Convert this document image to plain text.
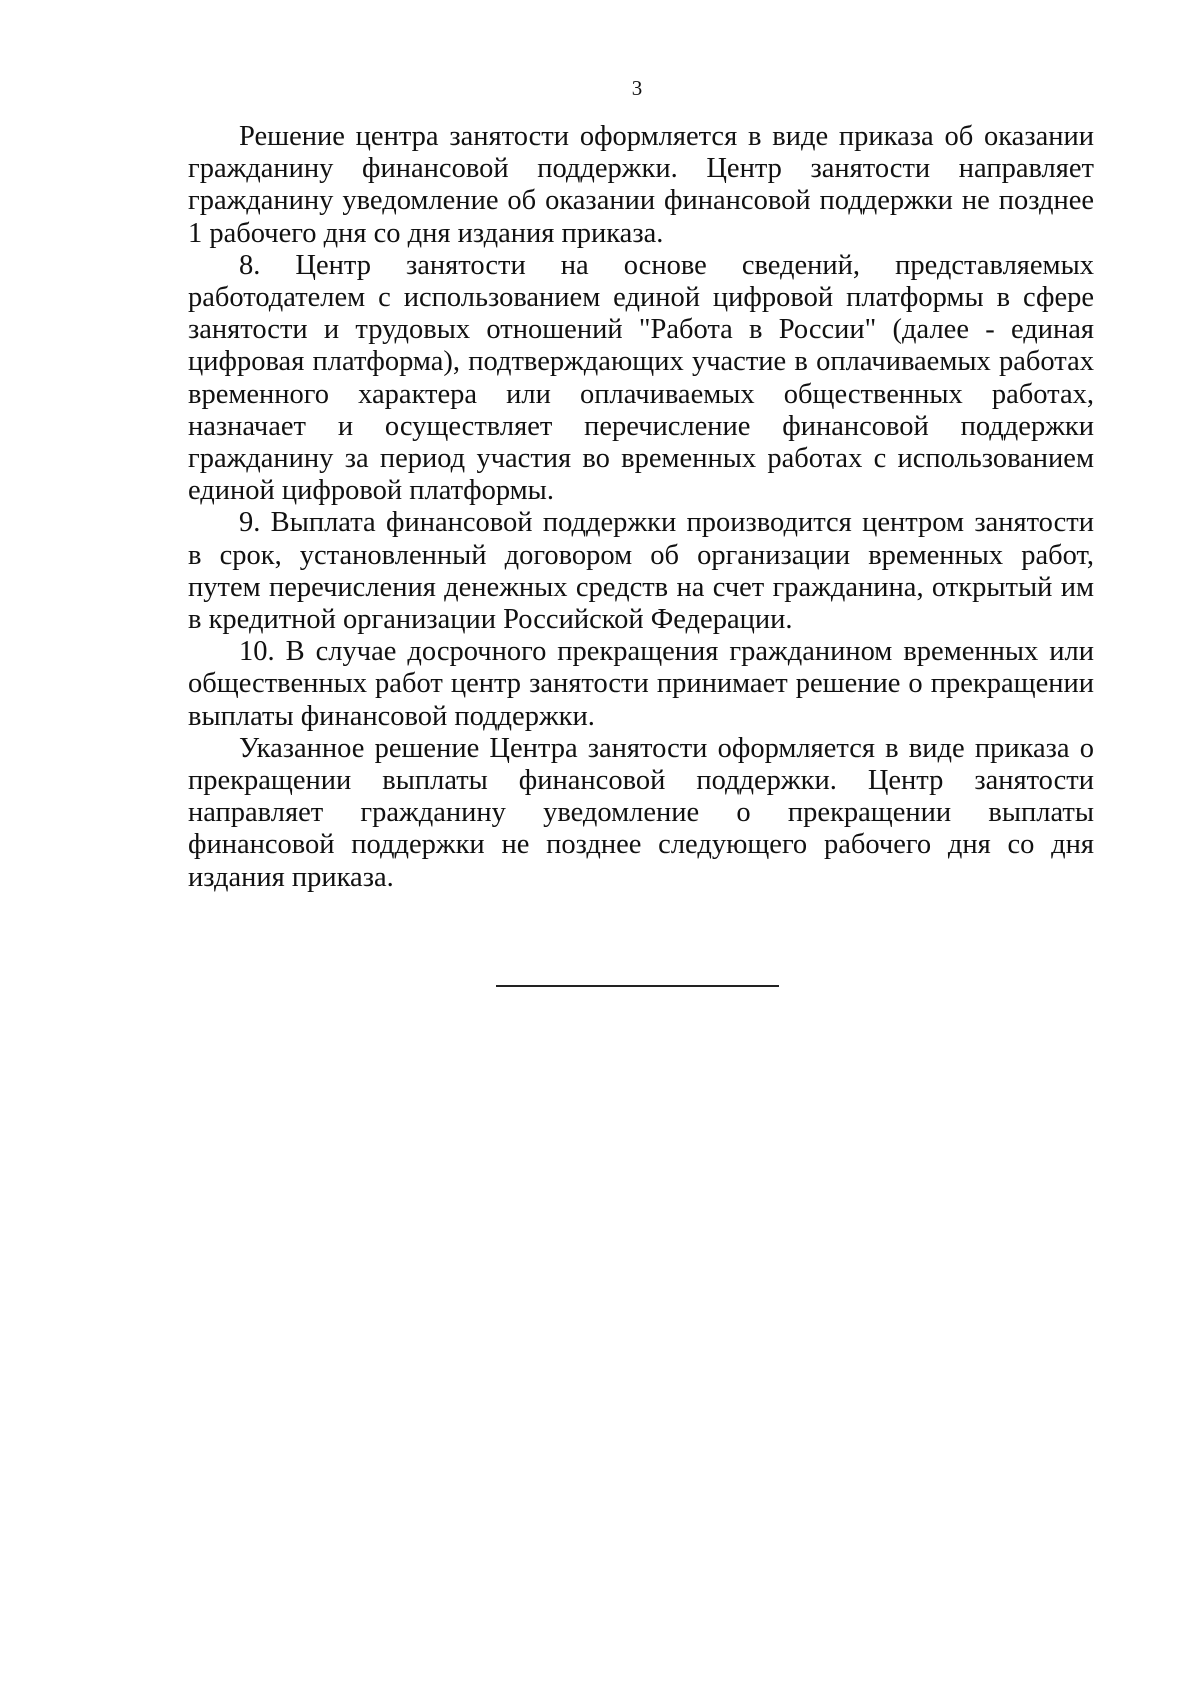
3

Решение центра занятости оформляется в виде приказа об оказании гражданину финансовой поддержки. Центр занятости направляет гражданину уведомление об оказании финансовой поддержки не позднее 1 рабочего дня со дня издания приказа.

8. Центр занятости на основе сведений, представляемых работодателем с использованием единой цифровой платформы в сфере занятости и трудовых отношений "Работа в России" (далее - единая цифровая платформа), подтверждающих участие в оплачиваемых работах временного характера или оплачиваемых общественных работах, назначает и осуществляет перечисление финансовой поддержки гражданину за период участия во временных работах с использованием единой цифровой платформы.

9. Выплата финансовой поддержки производится центром занятости в срок, установленный договором об организации временных работ, путем перечисления денежных средств на счет гражданина, открытый им в кредитной организации Российской Федерации.

10. В случае досрочного прекращения гражданином временных или общественных работ центр занятости принимает решение о прекращении выплаты финансовой поддержки.

Указанное решение Центра занятости оформляется в виде приказа о прекращении выплаты финансовой поддержки. Центр занятости направляет гражданину уведомление о прекращении выплаты финансовой поддержки не позднее следующего рабочего дня со дня издания приказа.
